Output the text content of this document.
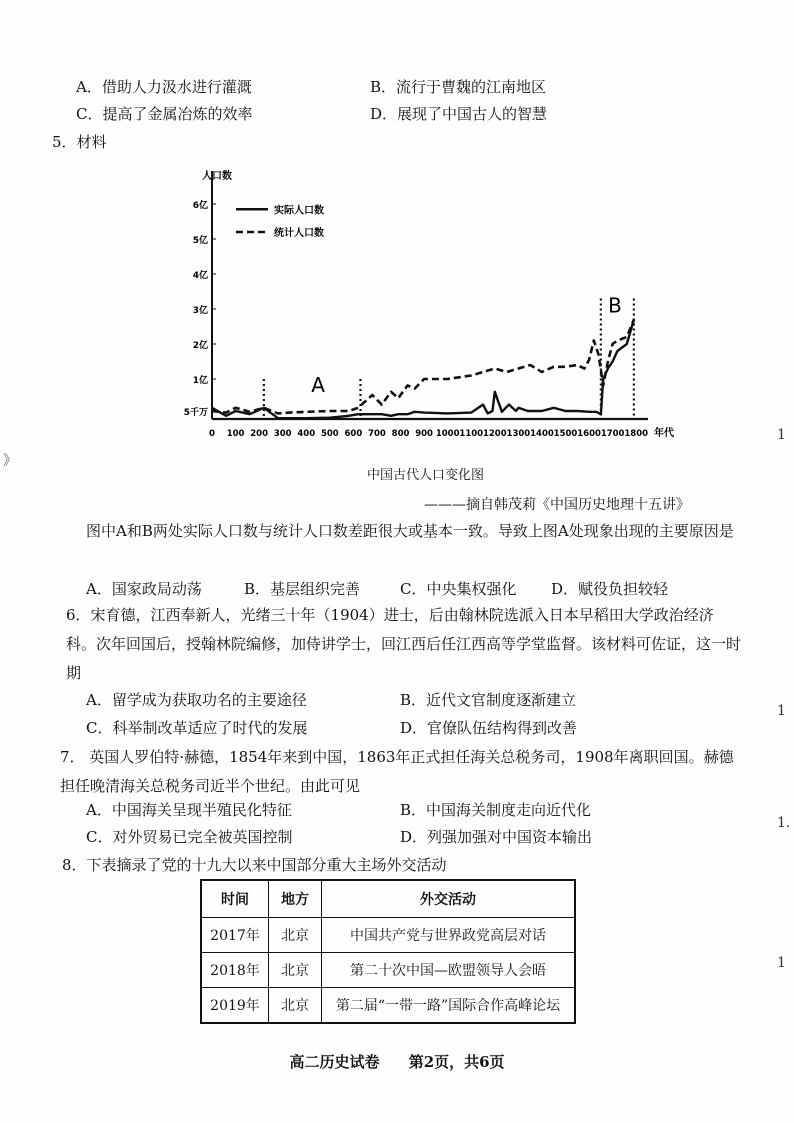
A．借助人力汲水进行灌溉	B．流行于曹魏的江南地区
C．提高了金属冶炼的效率	D．展现了中国古人的智慧
5．材料
人口数
年代
5千万
1亿
2亿
3亿
4亿
5亿
6亿
0 100 200 300 400 500 600 700 800 900 1000 1100 1200 1300 1400 1500 1600 1700 1800
A
B
实际人口数
统计人口数
中国古代人口变化图
———摘自韩茂莉《中国历史地理十五讲》
图中A和B两处实际人口数与统计人口数差距很大或基本一致。导致上图A处现象出现的主要原因是
A．国家政局动荡	B．基层组织完善	C．中央集权强化 D．赋役负担较轻
6．宋育德，江西奉新人，光绪三十年（1904）进士，后由翰林院选派入日本早稻田大学政治经济科。次年回国后，授翰林院编修，加侍讲学士，回江西后任江西高等学堂监督。该材料可佐证，这一时期
A．留学成为获取功名的主要途径	B．近代文官制度逐渐建立
C．科举制改革适应了时代的发展	D．官僚队伍结构得到改善
7． 英国人罗伯特·赫德，1854年来到中国，1863年正式担任海关总税务司，1908年离职回国。赫德担任晚清海关总税务司近半个世纪。由此可见
A．中国海关呈现半殖民化特征	B．中国海关制度走向近代化
C．对外贸易已完全被英国控制	D．列强加强对中国资本输出
8．下表摘录了党的十九大以来中国部分重大主场外交活动
时间	地方	外交活动
2017年	北京	中国共产党与世界政党高层对话
2018年	北京	第二十次中国—欧盟领导人会晤
2019年	北京	第二届“一带一路”国际合作高峰论坛
》
1
1
1.
1
高二历史试卷 第2页，共6页
